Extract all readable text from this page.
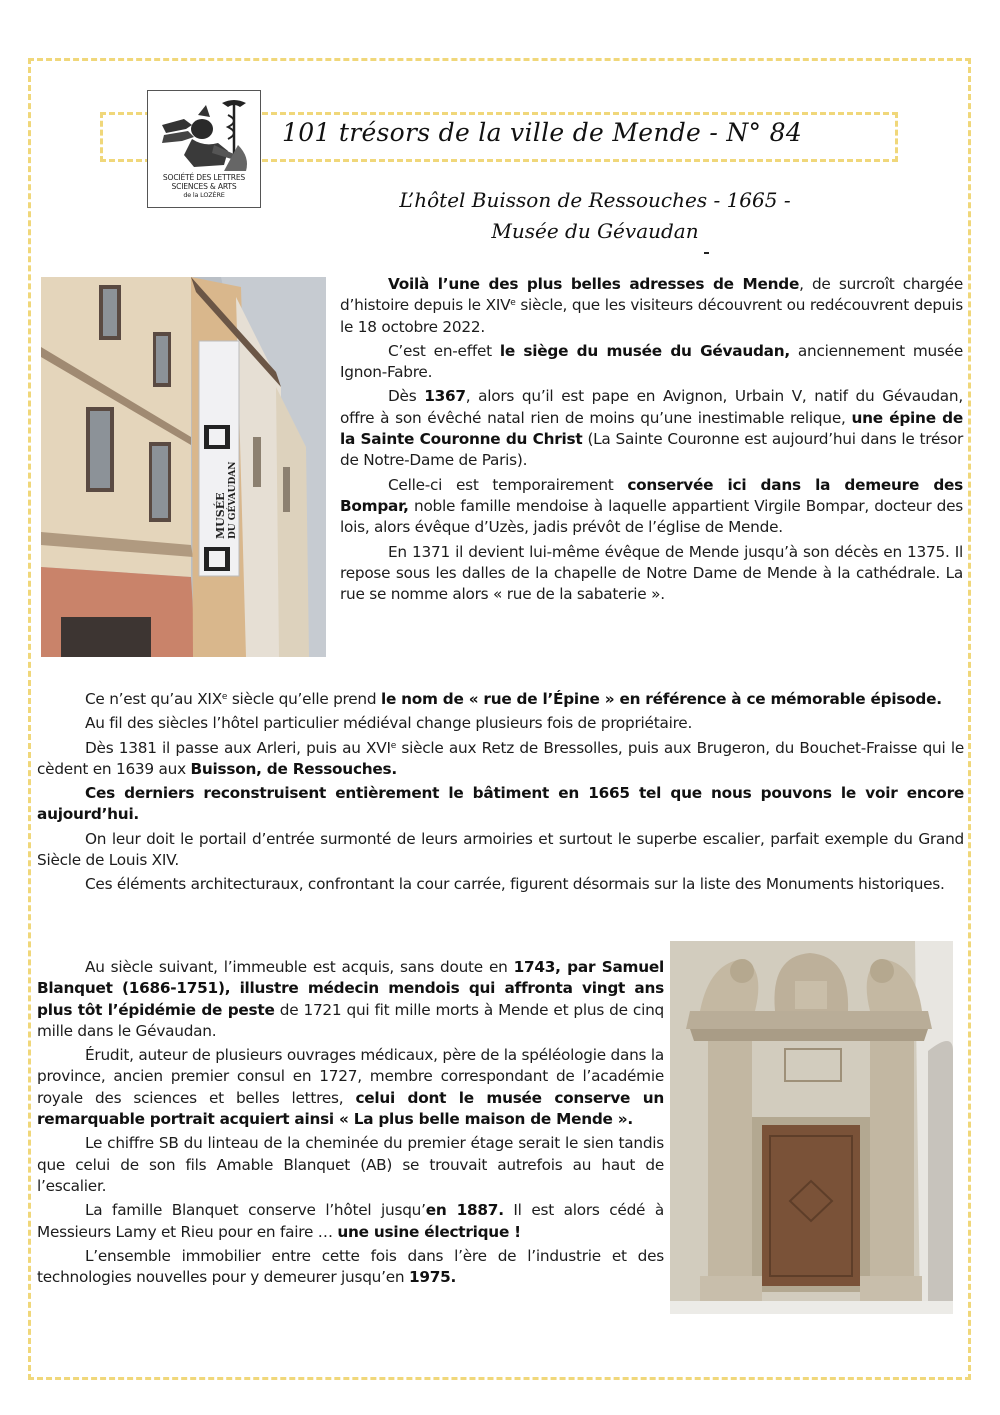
SOCIÉTÉ DES LETTRES
SCIENCES & ARTS
de la LOZÈRE
101 trésors de la ville de Mende - N° 84
L’hôtel Buisson de Ressouches - 1665 -
Musée du Gévaudan
MUSÉE DU GÉVAUDAN

Voilà l’une des plus belles adresses de Mende, de surcroît chargée d’histoire depuis le XIVe siècle, que les visiteurs découvrent ou redécouvrent depuis le 18 octobre 2022.

C’est en-effet le siège du musée du Gévaudan, anciennement musée Ignon-Fabre.

Dès 1367, alors qu’il est pape en Avignon, Urbain V, natif du Gévaudan, offre à son évêché natal rien de moins qu’une inestimable relique, une épine de la Sainte Couronne du Christ (La Sainte Couronne est aujourd’hui dans le trésor de Notre-Dame de Paris).

Celle-ci est temporairement conservée ici dans la demeure des Bompar, noble famille mendoise à laquelle appartient Virgile Bompar, docteur des lois, alors évêque d’Uzès, jadis prévôt de l’église de Mende.

En 1371 il devient lui-même évêque de Mende jusqu’à son décès en 1375. Il repose sous les dalles de la chapelle de Notre Dame de Mende à la cathédrale. La rue se nomme alors « rue de la sabaterie ».

Ce n’est qu’au XIXe siècle qu’elle prend le nom de « rue de l’Épine » en référence à ce mémorable épisode.

Au fil des siècles l’hôtel particulier médiéval change plusieurs fois de propriétaire.

Dès 1381 il passe aux Arleri, puis au XVIe siècle aux Retz de Bressolles, puis aux Brugeron, du Bouchet-Fraisse qui le cèdent en 1639 aux Buisson, de Ressouches.

Ces derniers reconstruisent entièrement le bâtiment en 1665 tel que nous pouvons le voir encore aujourd’hui.

On leur doit le portail d’entrée surmonté de leurs armoiries et surtout le superbe escalier, parfait exemple du Grand Siècle de Louis XIV.

Ces éléments architecturaux, confrontant la cour carrée, figurent désormais sur la liste des Monuments historiques.

Au siècle suivant, l’immeuble est acquis, sans doute en 1743, par Samuel Blanquet (1686-1751), illustre médecin mendois qui affronta vingt ans plus tôt l’épidémie de peste de 1721 qui fit mille morts à Mende et plus de cinq mille dans le Gévaudan.

Érudit, auteur de plusieurs ouvrages médicaux, père de la spéléologie dans la province, ancien premier consul en 1727, membre correspondant de l’académie royale des sciences et belles lettres, celui dont le musée conserve un remarquable portrait acquiert ainsi « La plus belle maison de Mende ».

Le chiffre SB du linteau de la cheminée du premier étage serait le sien tandis que celui de son fils Amable Blanquet (AB) se trouvait autrefois au haut de l’escalier.

La famille Blanquet conserve l’hôtel jusqu’en 1887. Il est alors cédé à Messieurs Lamy et Rieu pour en faire … une usine électrique !

L’ensemble immobilier entre cette fois dans l’ère de l’industrie et des technologies nouvelles pour y demeurer jusqu’en 1975.
